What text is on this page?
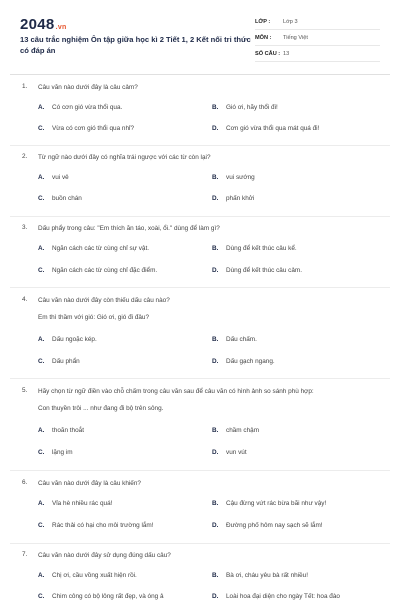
2048.vn
13 câu trắc nghiệm Ôn tập giữa học kì 2 Tiết 1, 2 Kết nối tri thức có đáp án
LỚP :	Lớp 3
MÔN :	Tiếng Việt
SỐ CÂU : 13
1. Câu văn nào dưới đây là câu cảm?
A. Có cơn gió vừa thổi qua.	B. Gió ơi, hãy thổi đi!
C. Vừa có cơn gió thổi qua nhỉ?	D. Cơn gió vừa thổi qua mát quá đi!
2. Từ ngữ nào dưới đây có nghĩa trái ngược với các từ còn lại?
A. vui vẻ	B. vui sướng
C. buồn chán	D. phấn khởi
3. Dấu phẩy trong câu: "Em thích ăn táo, xoài, ổi." dùng để làm gì?
A. Ngăn cách các từ cùng chỉ sự vật.	B. Dùng để kết thúc câu kể.
C. Ngăn cách các từ cùng chỉ đặc điểm.	D. Dùng để kết thúc câu cảm.
4. Câu văn nào dưới đây còn thiếu dấu câu nào?
Em thì thầm với gió: Gió ơi, gió đi đâu?
A. Dấu ngoặc kép.	B. Dấu chấm.
C. Dấu phẩn	D. Dấu gạch ngang.
5. Hãy chọn từ ngữ điền vào chỗ chấm trong câu văn sau để câu văn có hình ảnh so sánh phù hợp:
Con thuyền trôi ... như đang đi bộ trên sông.
A. thoăn thoắt	B. chầm chậm
C. lặng im	D. vun vút
6. Câu văn nào dưới đây là câu khiến?
A. Vỉa hè nhiều rác quá!	B. Cậu đừng vứt rác bừa bãi như vậy!
C. Rác thải có hại cho môi trường lắm!	D. Đường phố hôm nay sạch sẽ lắm!
7. Câu văn nào dưới đây sử dụng đúng dấu câu?
A. Chị ơi, cầu vồng xuất hiện rồi.	B. Bà ơi, cháu yêu bà rất nhiều!
C. Chim công có bộ lông rất đẹp, và óng ả	D. Loài hoa đại diện cho ngày Tết: hoa đào
